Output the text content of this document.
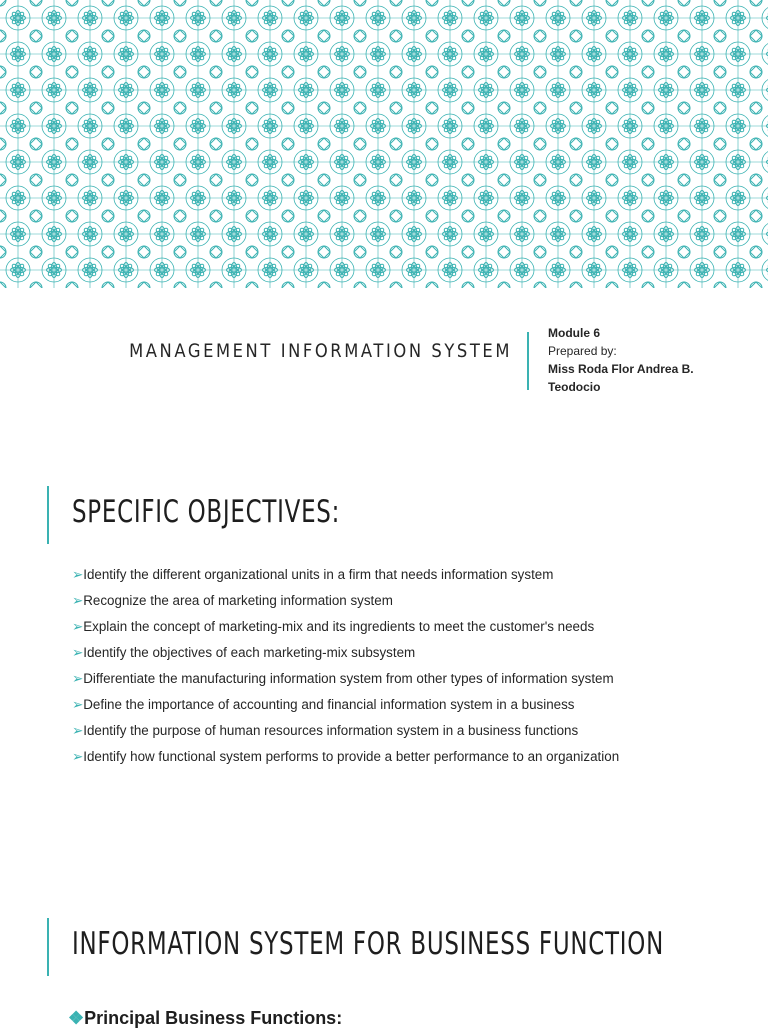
MANAGEMENT INFORMATION SYSTEM
Module 6
Prepared by:
Miss Roda Flor Andrea B.
Teodocio
SPECIFIC OBJECTIVES:
➢Identify the different organizational units in a firm that needs information system
➢Recognize the area of marketing information system
➢Explain the concept of marketing-mix and its ingredients to meet the customer's needs
➢Identify the objectives of each marketing-mix subsystem
➢Differentiate the manufacturing information system from other types of information system
➢Define the importance of accounting and financial information system in a business
➢Identify the purpose of human resources information system in a business functions
➢Identify how functional system performs to provide a better performance to an organization
INFORMATION SYSTEM FOR BUSINESS FUNCTION
❖Principal Business Functions:
